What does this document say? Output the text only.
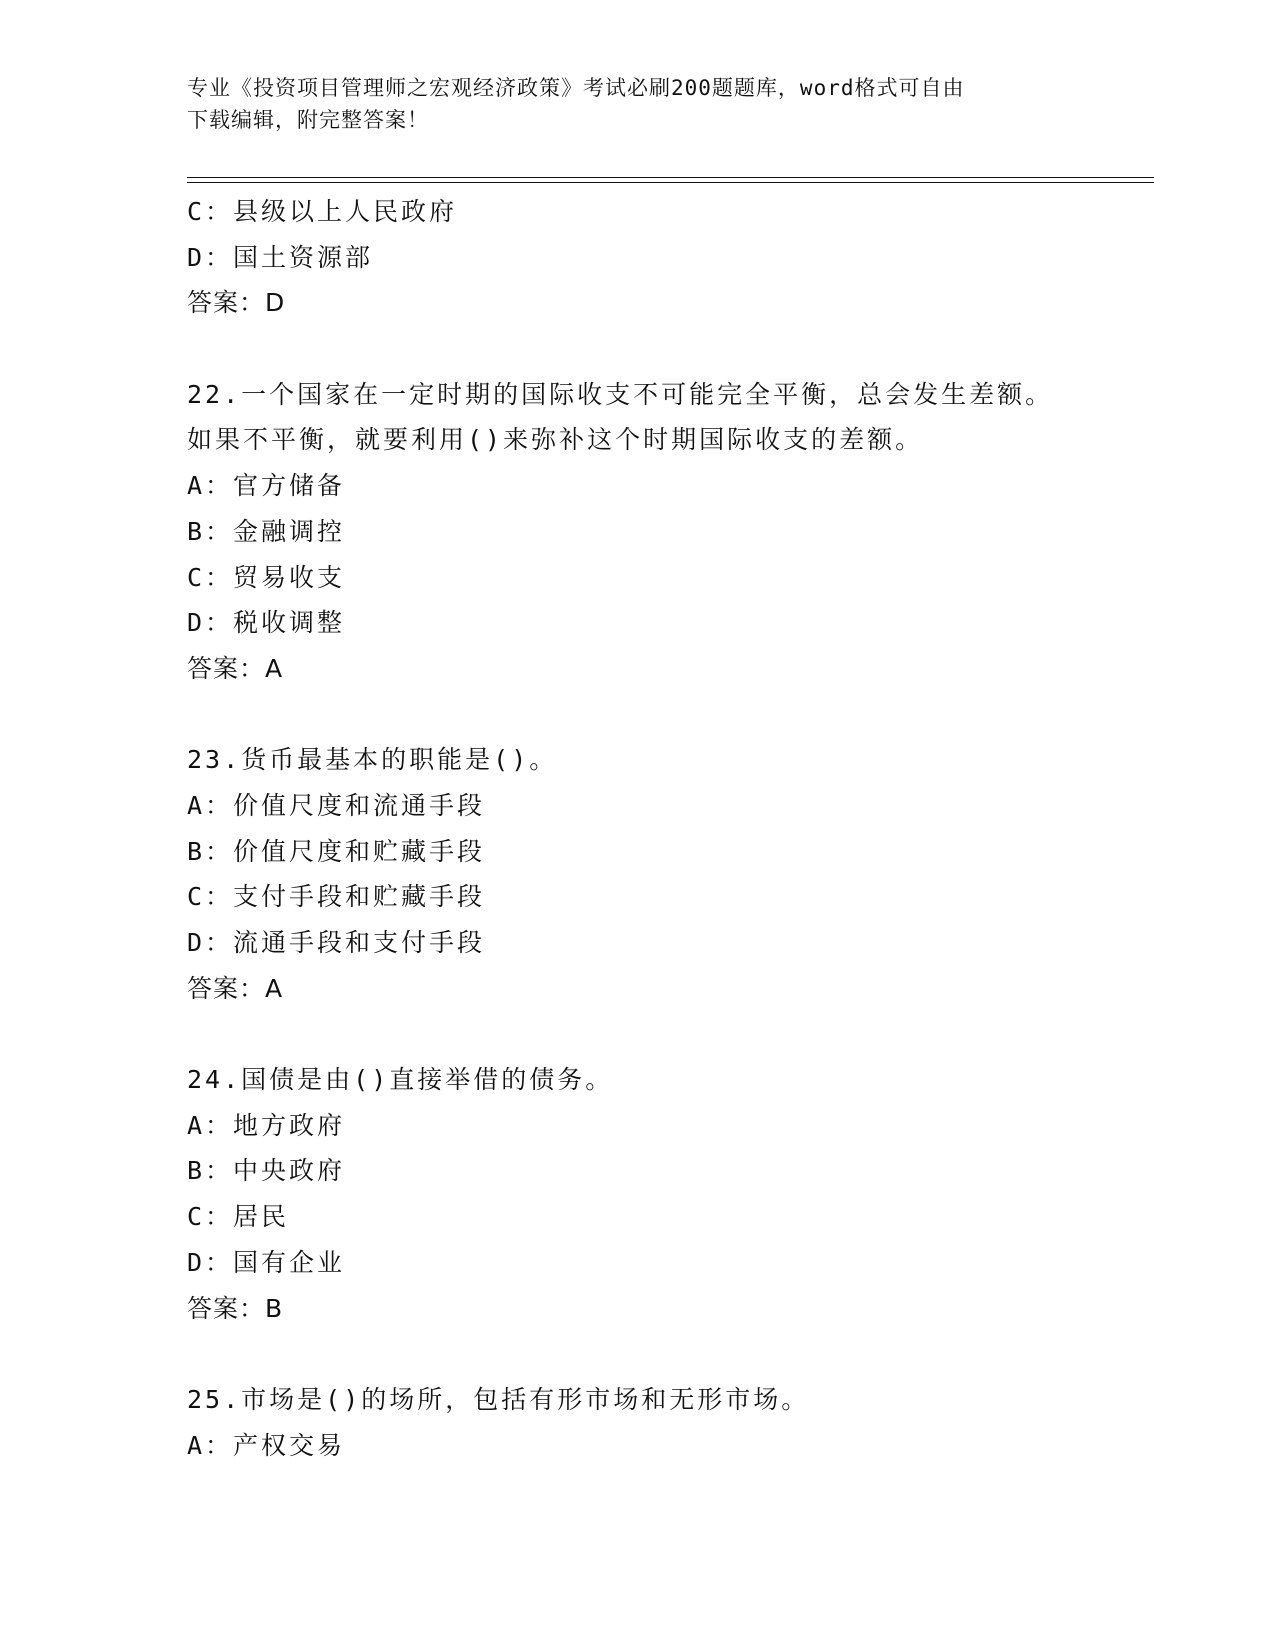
专业《投资项目管理师之宏观经济政策》考试必刷200题题库，word格式可自由
下载编辑，附完整答案！
C：县级以上人民政府
D：国土资源部
答案：D
22.一个国家在一定时期的国际收支不可能完全平衡，总会发生差额。
如果不平衡，就要利用()来弥补这个时期国际收支的差额。
A：官方储备
B：金融调控
C：贸易收支
D：税收调整
答案：A
23.货币最基本的职能是()。
A：价值尺度和流通手段
B：价值尺度和贮藏手段
C：支付手段和贮藏手段
D：流通手段和支付手段
答案：A
24.国债是由()直接举借的债务。
A：地方政府
B：中央政府
C：居民
D：国有企业
答案：B
25.市场是()的场所，包括有形市场和无形市场。
A：产权交易
